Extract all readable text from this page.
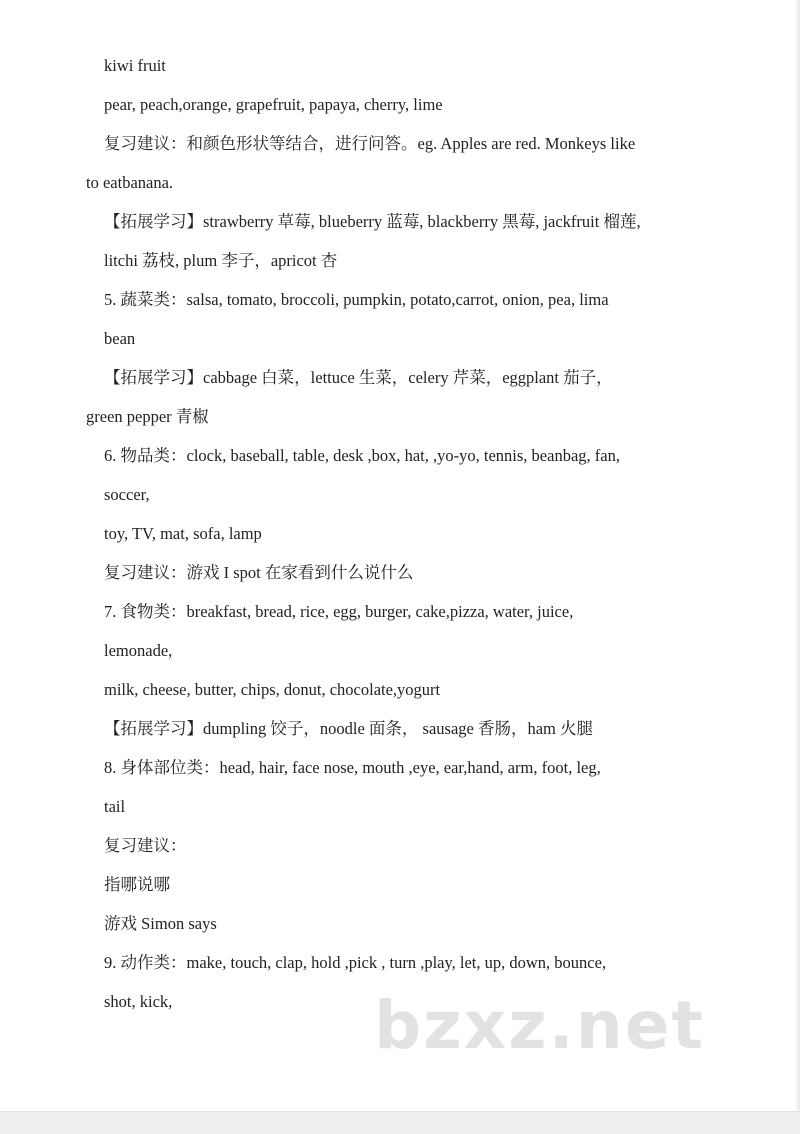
kiwi fruit
pear, peach,orange, grapefruit, papaya, cherry, lime
复习建议：和颜色形状等结合，进行问答。eg. Apples are red. Monkeys like
to eatbanana.
【拓展学习】strawberry 草莓, blueberry 蓝莓, blackberry 黑莓, jackfruit 榴莲,
litchi 荔枝, plum 李子，apricot 杏
5. 蔬菜类：salsa, tomato, broccoli, pumpkin, potato,carrot, onion, pea, lima
bean
【拓展学习】cabbage 白菜，lettuce 生菜，celery 芹菜，eggplant 茄子，
green pepper 青椒
6. 物品类：clock, baseball, table, desk ,box, hat, ,yo-yo, tennis, beanbag, fan,
soccer,
toy, TV, mat, sofa, lamp
复习建议：游戏 I spot 在家看到什么说什么
7. 食物类：breakfast, bread, rice, egg, burger, cake,pizza, water, juice,
lemonade,
milk, cheese, butter, chips, donut, chocolate,yogurt
【拓展学习】dumpling 饺子，noodle 面条， sausage 香肠，ham 火腿
8. 身体部位类：head, hair, face nose, mouth ,eye, ear,hand, arm, foot, leg,
tail
复习建议：
指哪说哪
游戏 Simon says
9. 动作类：make, touch, clap, hold ,pick , turn ,play, let, up, down, bounce,
shot, kick,	bzxz.net
